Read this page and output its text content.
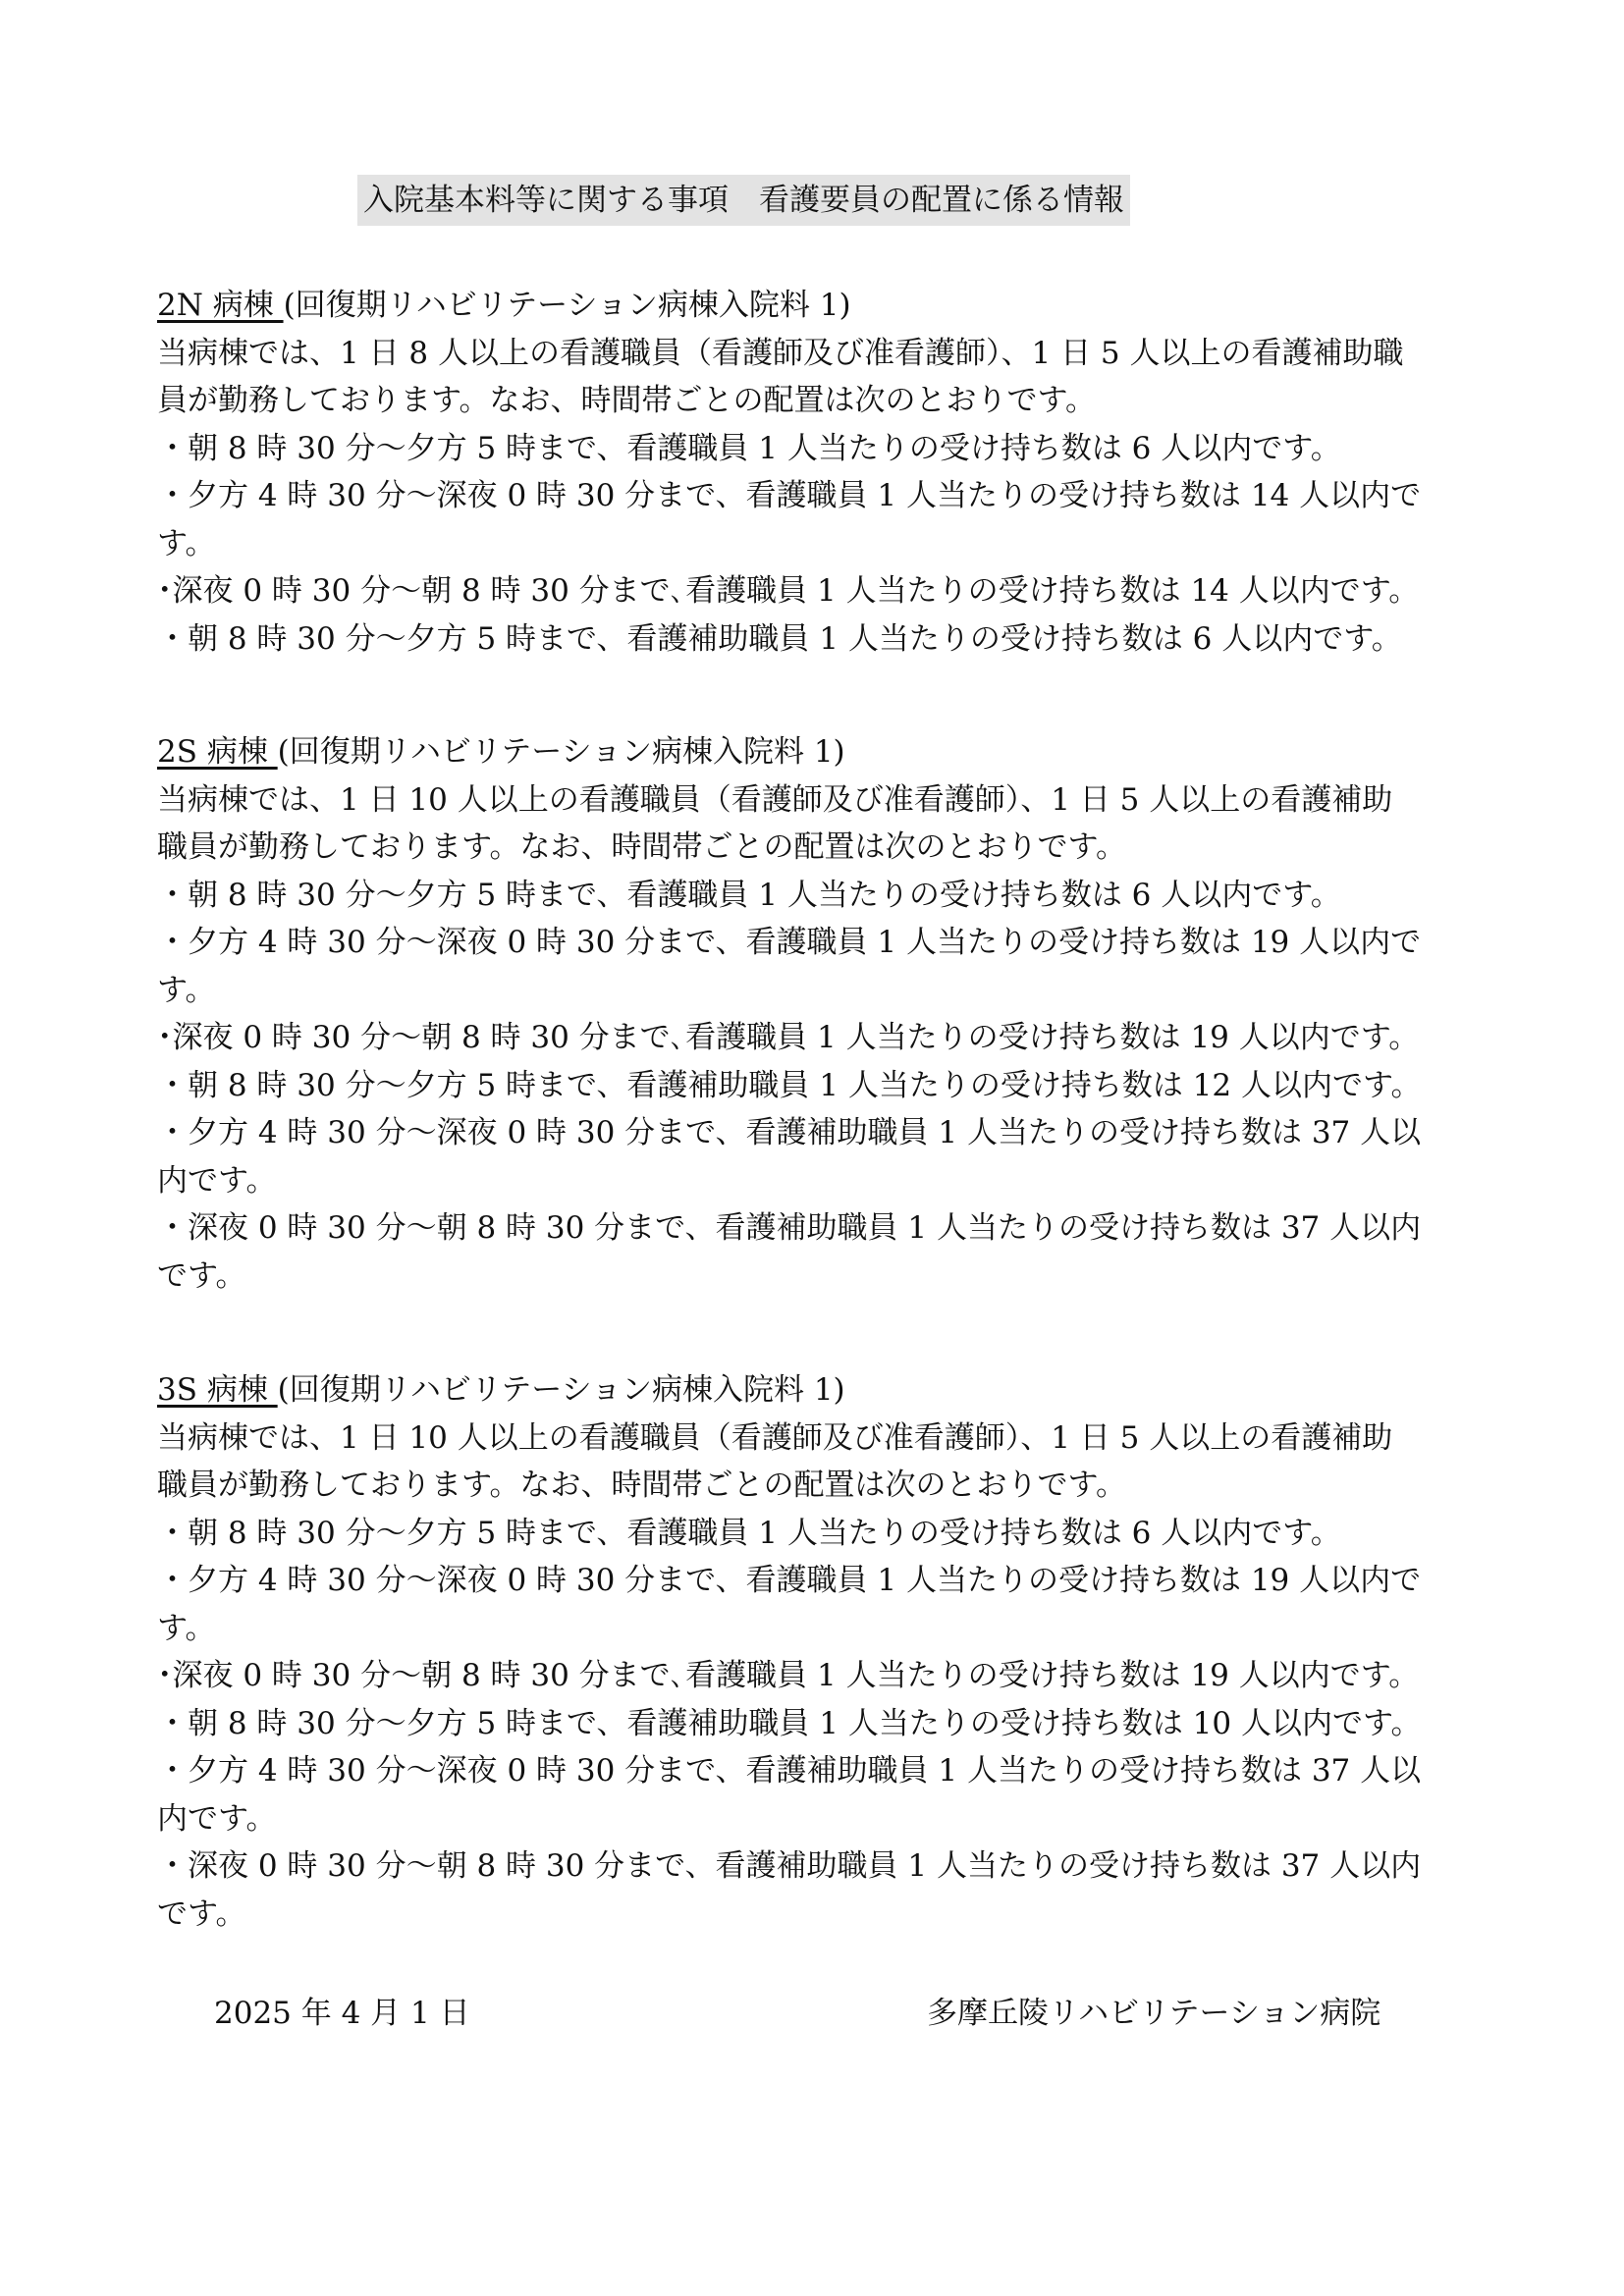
入院基本料等に関する事項　看護要員の配置に係る情報

2N 病棟 (回復期リハビリテーション病棟入院料 1)

当病棟では、1 日 8 人以上の看護職員（看護師及び准看護師）、1 日 5 人以上の看護補助職

員が勤務しております。なお、時間帯ごとの配置は次のとおりです。

・朝 8 時 30 分～夕方 5 時まで、看護職員 1 人当たりの受け持ち数は 6 人以内です。

・夕方 4 時 30 分～深夜 0 時 30 分まで、看護職員 1 人当たりの受け持ち数は 14 人以内で

す。

･深夜 0 時 30 分～朝 8 時 30 分まで､看護職員 1 人当たりの受け持ち数は 14 人以内です。

・朝 8 時 30 分～夕方 5 時まで、看護補助職員 1 人当たりの受け持ち数は 6 人以内です。

2S 病棟 (回復期リハビリテーション病棟入院料 1)

当病棟では、1 日 10 人以上の看護職員（看護師及び准看護師）、1 日 5 人以上の看護補助

職員が勤務しております。なお、時間帯ごとの配置は次のとおりです。

・朝 8 時 30 分～夕方 5 時まで、看護職員 1 人当たりの受け持ち数は 6 人以内です。

・夕方 4 時 30 分～深夜 0 時 30 分まで、看護職員 1 人当たりの受け持ち数は 19 人以内で

す。

･深夜 0 時 30 分～朝 8 時 30 分まで､看護職員 1 人当たりの受け持ち数は 19 人以内です。

・朝 8 時 30 分～夕方 5 時まで、看護補助職員 1 人当たりの受け持ち数は 12 人以内です。

・夕方 4 時 30 分～深夜 0 時 30 分まで、看護補助職員 1 人当たりの受け持ち数は 37 人以

内です。

・深夜 0 時 30 分～朝 8 時 30 分まで、看護補助職員 1 人当たりの受け持ち数は 37 人以内

です。

3S 病棟 (回復期リハビリテーション病棟入院料 1)

当病棟では、1 日 10 人以上の看護職員（看護師及び准看護師）、1 日 5 人以上の看護補助

職員が勤務しております。なお、時間帯ごとの配置は次のとおりです。

・朝 8 時 30 分～夕方 5 時まで、看護職員 1 人当たりの受け持ち数は 6 人以内です。

・夕方 4 時 30 分～深夜 0 時 30 分まで、看護職員 1 人当たりの受け持ち数は 19 人以内で

す。

･深夜 0 時 30 分～朝 8 時 30 分まで､看護職員 1 人当たりの受け持ち数は 19 人以内です。

・朝 8 時 30 分～夕方 5 時まで、看護補助職員 1 人当たりの受け持ち数は 10 人以内です。

・夕方 4 時 30 分～深夜 0 時 30 分まで、看護補助職員 1 人当たりの受け持ち数は 37 人以

内です。

・深夜 0 時 30 分～朝 8 時 30 分まで、看護補助職員 1 人当たりの受け持ち数は 37 人以内

です。

2025 年 4 月 1 日	多摩丘陵リハビリテーション病院
